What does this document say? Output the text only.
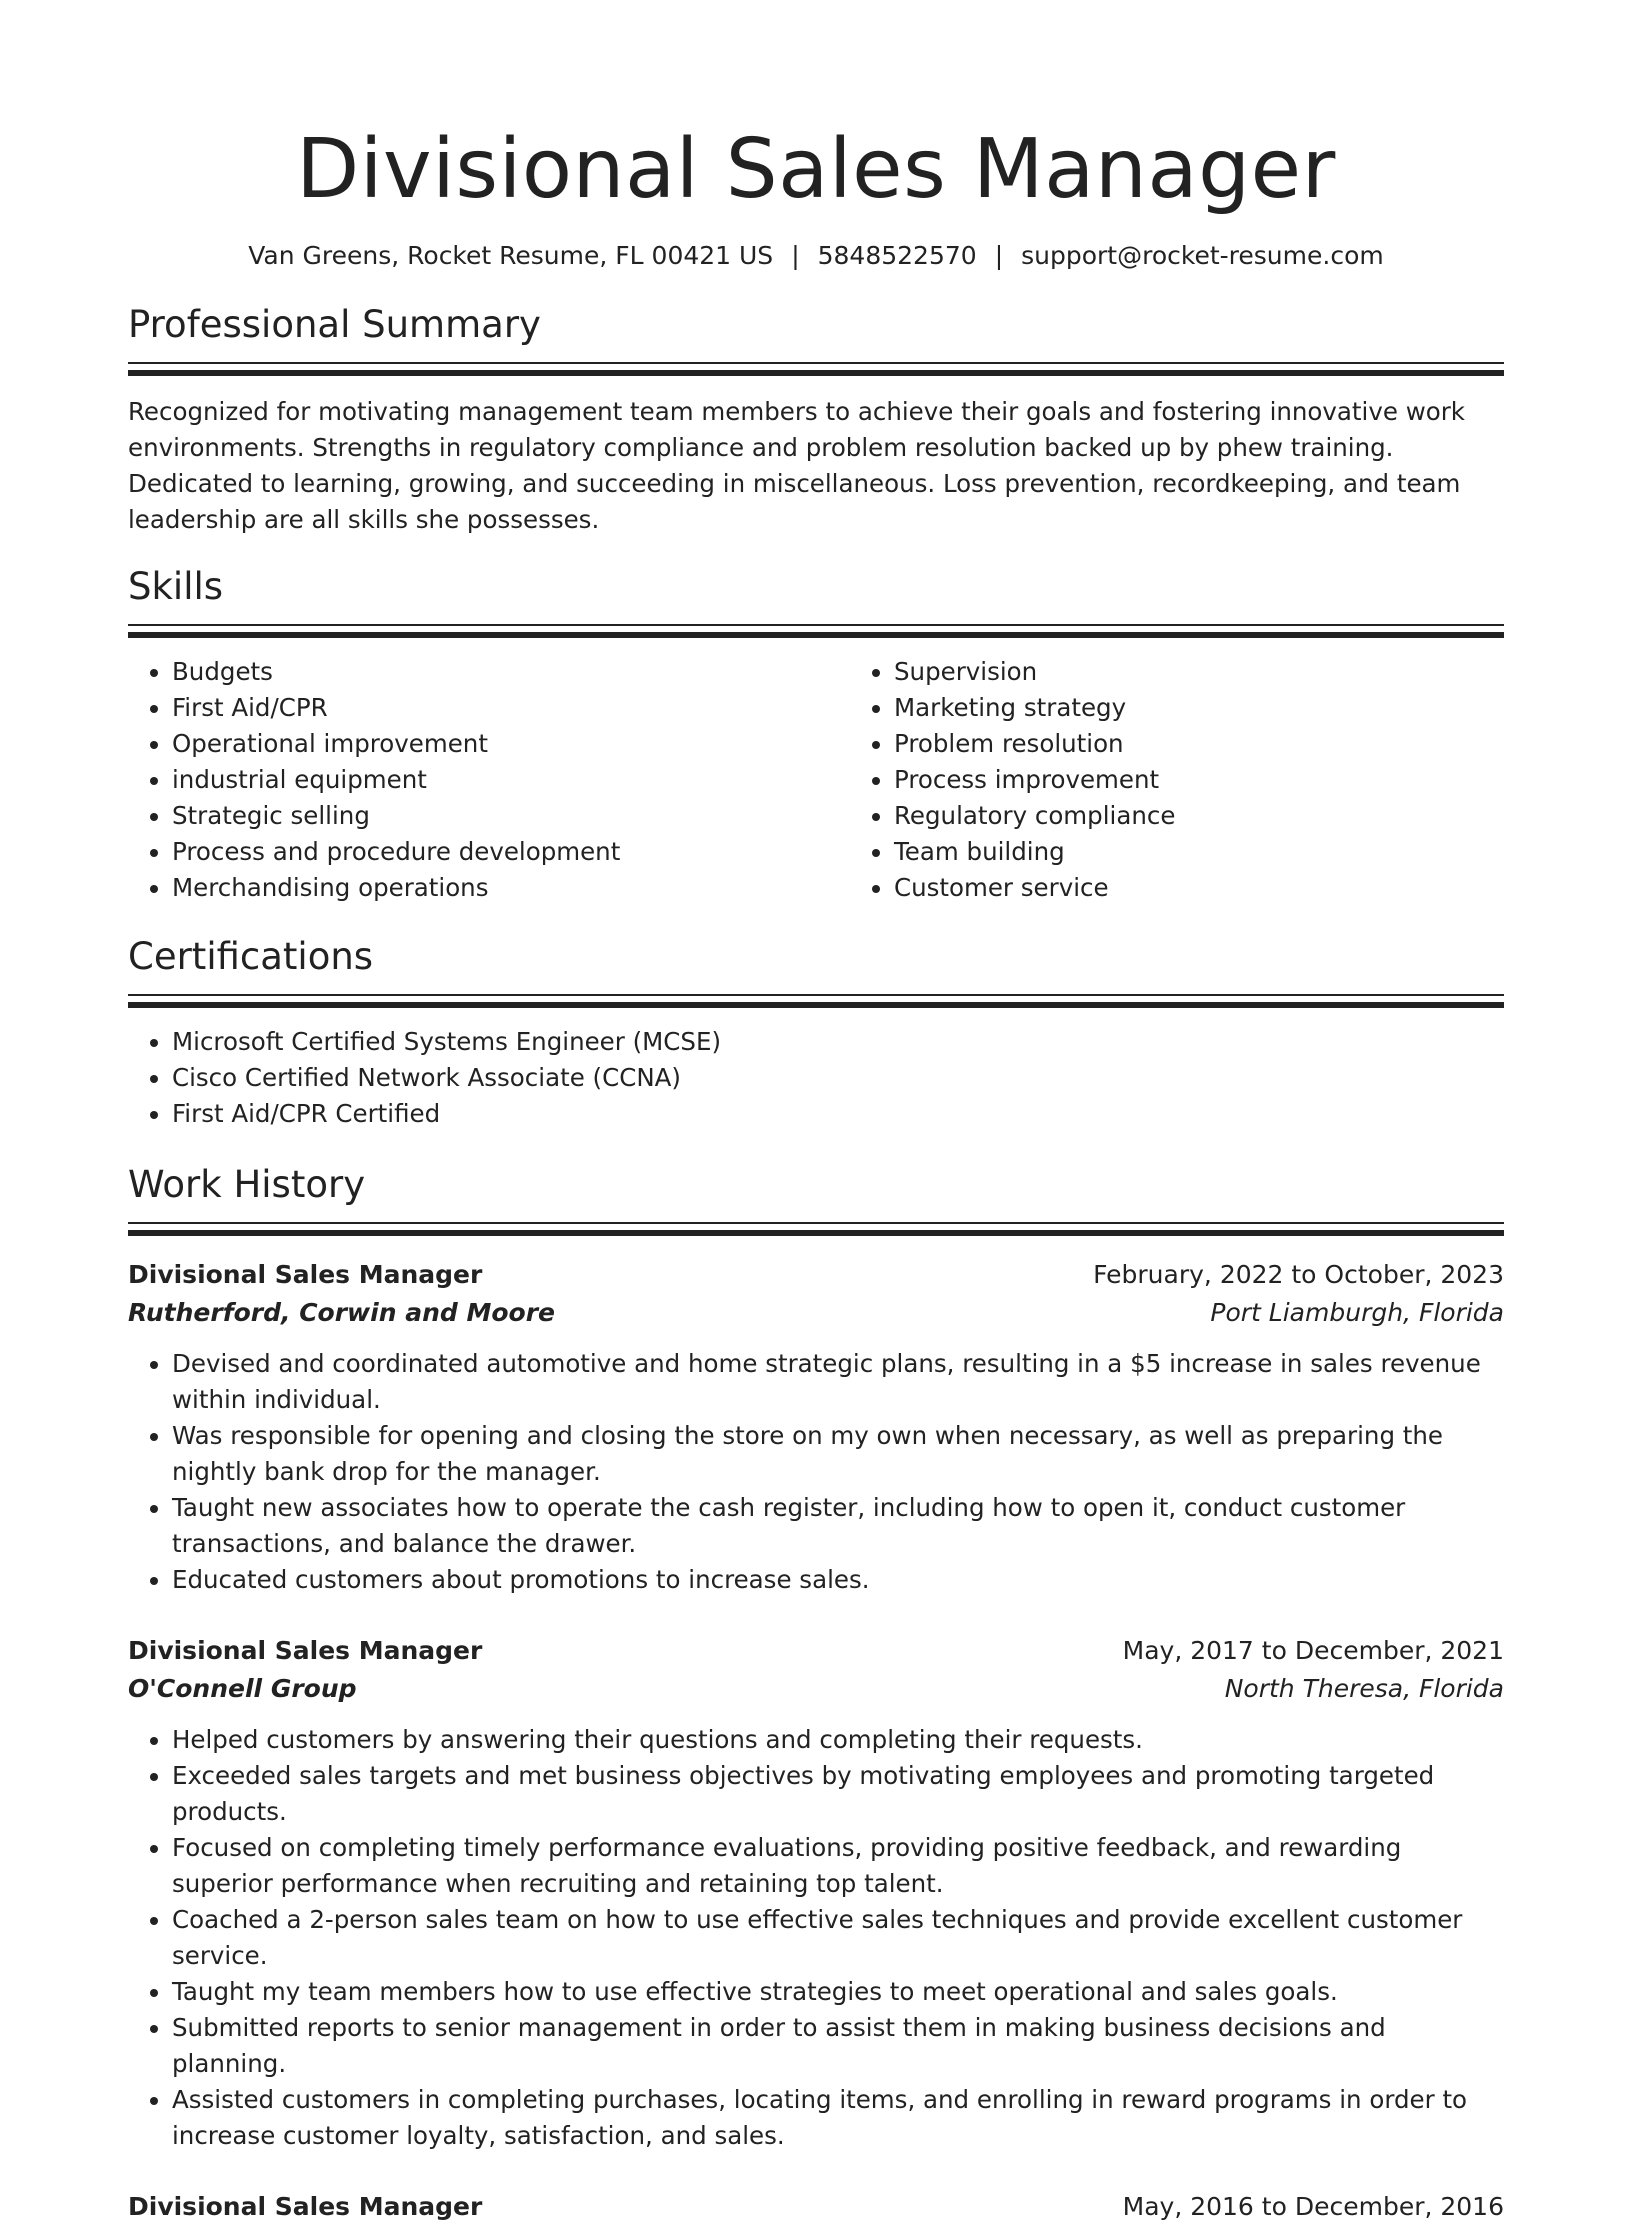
Divisional Sales Manager
Van Greens, Rocket Resume, FL 00421 US | 5848522570 | support@rocket-resume.com
Professional Summary
Recognized for motivating management team members to achieve their goals and fostering innovative work environments. Strengths in regulatory compliance and problem resolution backed up by phew training. Dedicated to learning, growing, and succeeding in miscellaneous. Loss prevention, recordkeeping, and team leadership are all skills she possesses.
Skills
• Budgets
• First Aid/CPR
• Operational improvement
• industrial equipment
• Strategic selling
• Process and procedure development
• Merchandising operations
• Supervision
• Marketing strategy
• Problem resolution
• Process improvement
• Regulatory compliance
• Team building
• Customer service
Certifications
• Microsoft Certified Systems Engineer (MCSE)
• Cisco Certified Network Associate (CCNA)
• First Aid/CPR Certified
Work History
Divisional Sales Manager	February, 2022 to October, 2023
Rutherford, Corwin and Moore	Port Liamburgh, Florida
• Devised and coordinated automotive and home strategic plans, resulting in a $5 increase in sales revenue within individual.
• Was responsible for opening and closing the store on my own when necessary, as well as preparing the nightly bank drop for the manager.
• Taught new associates how to operate the cash register, including how to open it, conduct customer transactions, and balance the drawer.
• Educated customers about promotions to increase sales.
Divisional Sales Manager	May, 2017 to December, 2021
O'Connell Group	North Theresa, Florida
• Helped customers by answering their questions and completing their requests.
• Exceeded sales targets and met business objectives by motivating employees and promoting targeted products.
• Focused on completing timely performance evaluations, providing positive feedback, and rewarding superior performance when recruiting and retaining top talent.
• Coached a 2-person sales team on how to use effective sales techniques and provide excellent customer service.
• Taught my team members how to use effective strategies to meet operational and sales goals.
• Submitted reports to senior management in order to assist them in making business decisions and planning.
• Assisted customers in completing purchases, locating items, and enrolling in reward programs in order to increase customer loyalty, satisfaction, and sales.
Divisional Sales Manager	May, 2016 to December, 2016
